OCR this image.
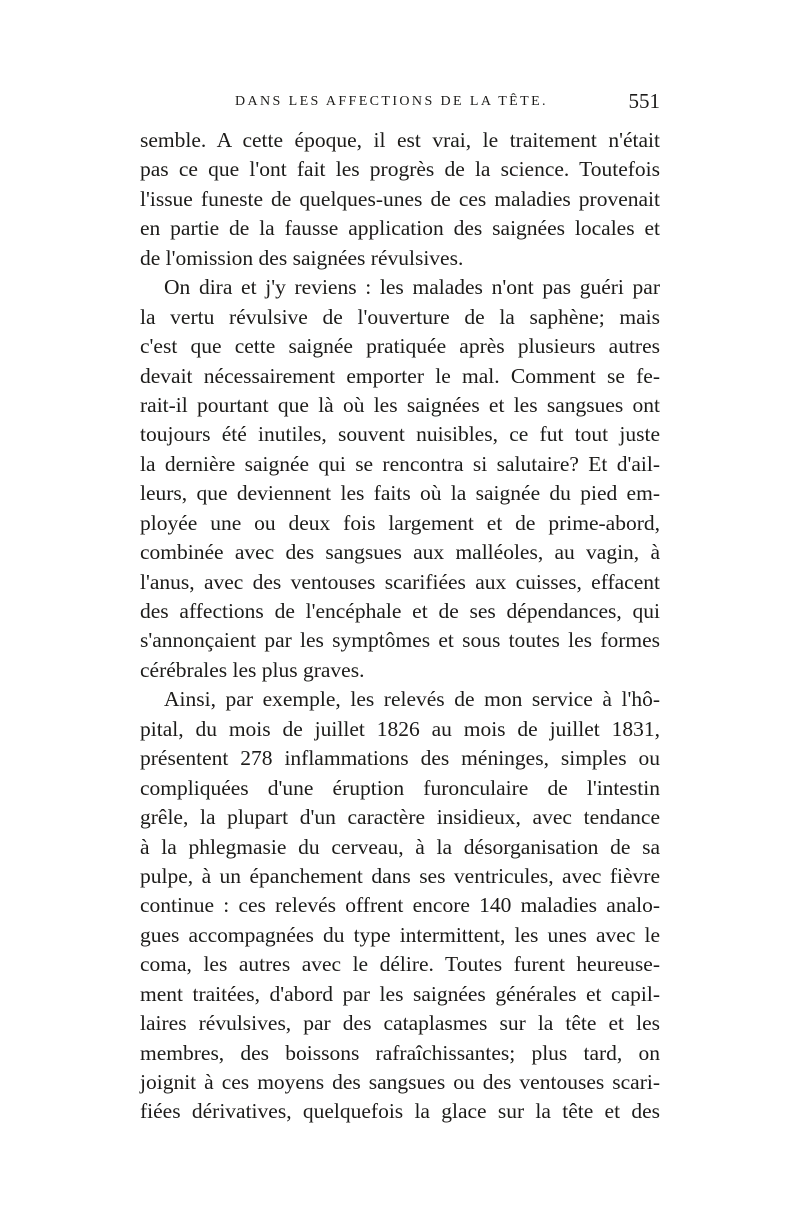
DANS LES AFFECTIONS DE LA TÊTE.	551
semble. A cette époque, il est vrai, le traitement n'était
pas ce que l'ont fait les progrès de la science. Toutefois
l'issue funeste de quelques-unes de ces maladies provenait
en partie de la fausse application des saignées locales et
de l'omission des saignées révulsives.
On dira et j'y reviens : les malades n'ont pas guéri par
la vertu révulsive de l'ouverture de la saphène; mais
c'est que cette saignée pratiquée après plusieurs autres
devait nécessairement emporter le mal. Comment se fe-
rait-il pourtant que là où les saignées et les sangsues ont
toujours été inutiles, souvent nuisibles, ce fut tout juste
la dernière saignée qui se rencontra si salutaire? Et d'ail-
leurs, que deviennent les faits où la saignée du pied em-
ployée une ou deux fois largement et de prime-abord,
combinée avec des sangsues aux malléoles, au vagin, à
l'anus, avec des ventouses scarifiées aux cuisses, effacent
des affections de l'encéphale et de ses dépendances, qui
s'annonçaient par les symptômes et sous toutes les formes
cérébrales les plus graves.
Ainsi, par exemple, les relevés de mon service à l'hô-
pital, du mois de juillet 1826 au mois de juillet 1831,
présentent 278 inflammations des méninges, simples ou
compliquées d'une éruption furonculaire de l'intestin
grêle, la plupart d'un caractère insidieux, avec tendance
à la phlegmasie du cerveau, à la désorganisation de sa
pulpe, à un épanchement dans ses ventricules, avec fièvre
continue : ces relevés offrent encore 140 maladies analo-
gues accompagnées du type intermittent, les unes avec le
coma, les autres avec le délire. Toutes furent heureuse-
ment traitées, d'abord par les saignées générales et capil-
laires révulsives, par des cataplasmes sur la tête et les
membres, des boissons rafraîchissantes; plus tard, on
joignit à ces moyens des sangsues ou des ventouses scari-
fiées dérivatives, quelquefois la glace sur la tête et des
